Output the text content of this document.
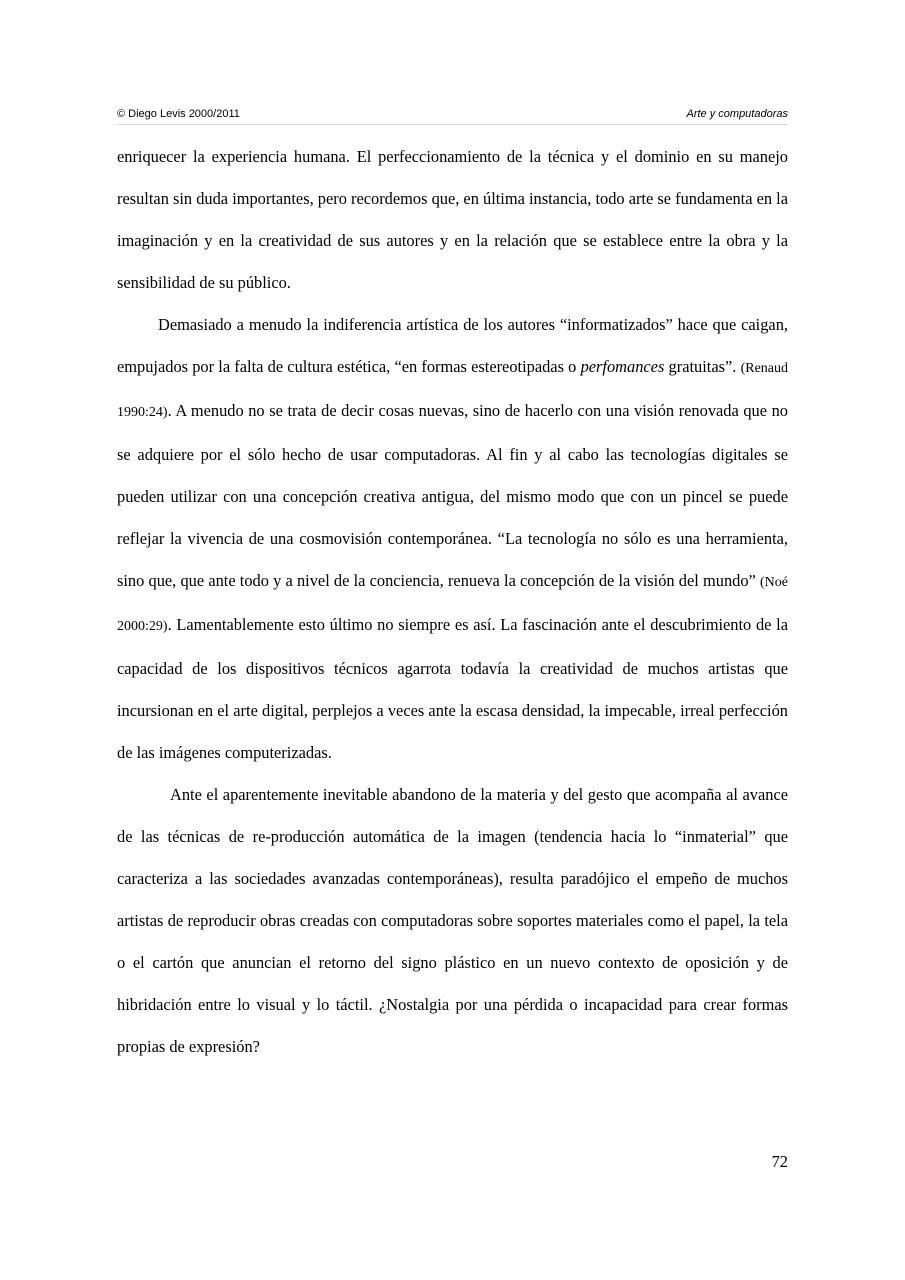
© Diego Levis 2000/2011	Arte y computadoras

enriquecer la experiencia humana. El perfeccionamiento de la técnica y el dominio en su manejo resultan sin duda importantes, pero recordemos que, en última instancia, todo arte se fundamenta en la imaginación y en la creatividad de sus autores y en la relación que se establece entre la obra y la sensibilidad de su público.

Demasiado a menudo la indiferencia artística de los autores “informatizados” hace que caigan, empujados por la falta de cultura estética, “en formas estereotipadas o perfomances gratuitas”. (Renaud 1990:24). A menudo no se trata de decir cosas nuevas, sino de hacerlo con una visión renovada que no se adquiere por el sólo hecho de usar computadoras. Al fin y al cabo las tecnologías digitales se pueden utilizar con una concepción creativa antigua, del mismo modo que con un pincel se puede reflejar la vivencia de una cosmovisión contemporánea. “La tecnología no sólo es una herramienta, sino que, que ante todo y a nivel de la conciencia, renueva la concepción de la visión del mundo” (Noé 2000:29). Lamentablemente esto último no siempre es así. La fascinación ante el descubrimiento de la capacidad de los dispositivos técnicos agarrota todavía la creatividad de muchos artistas que incursionan en el arte digital, perplejos a veces ante la escasa densidad, la impecable, irreal perfección de las imágenes computerizadas.

Ante el aparentemente inevitable abandono de la materia y del gesto que acompaña al avance de las técnicas de re-producción automática de la imagen (tendencia hacia lo “inmaterial” que caracteriza a las sociedades avanzadas contemporáneas), resulta paradójico el empeño de muchos artistas de reproducir obras creadas con computadoras sobre soportes materiales como el papel, la tela o el cartón que anuncian el retorno del signo plástico en un nuevo contexto de oposición y de hibridación entre lo visual y lo táctil. ¿Nostalgia por una pérdida o incapacidad para crear formas propias de expresión?

72
